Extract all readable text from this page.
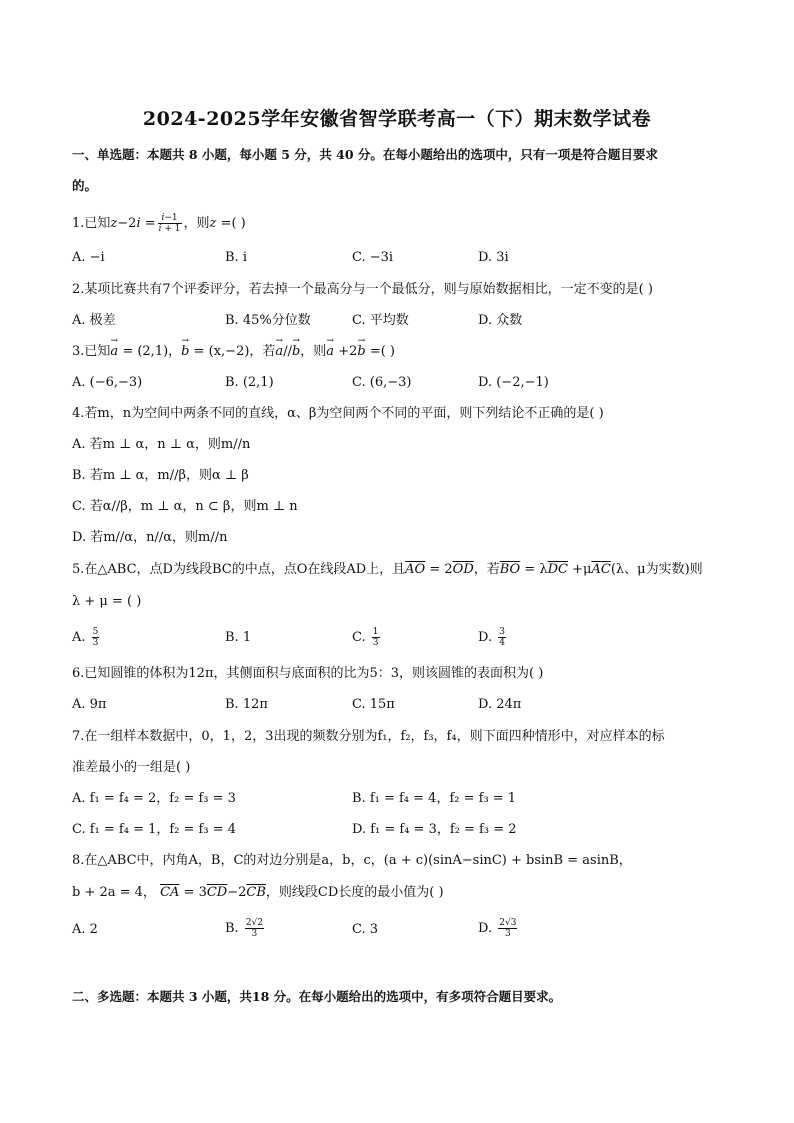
2024-2025学年安徽省智学联考高一（下）期末数学试卷
一、单选题：本题共 8 小题，每小题 5 分，共 40 分。在每小题给出的选项中，只有一项是符合题目要求
的。
1.已知$z-2i = \frac{i-1}{i + 1}$ ，则z =( )
A. −i	B. i	C. −3i	D. 3i
2.某项比赛共有7个评委评分，若去掉一个最高分与一个最低分，则与原始数据相比，一定不变的是( )
A. 极差	B. 45%分位数	C. 平均数	D. 众数
3.已知→ a = (2,1)，→ b = (x,−2)，若→ a//→ b，则→ a +2→ b =( )
A. (−6,−3)	B. (2,1)	C. (6,−3)	D. (−2,−1)
4.若m，n为空间中两条不同的直线，α、β为空间两个不同的平面，则下列结论不正确的是( )
A. 若m ⊥ α，n ⊥ α，则m//n
B. 若m ⊥ α，m//β，则α ⊥ β
C. 若α//β，m ⊥ α，n ⊂ β，则m ⊥ n
D. 若m//α，n//α，则m//n
5.在△ABC，点D为线段BC的中点，点O在线段AD上，且$\overline{AO} = 2\overline{OD}$，若$\overline{BO} = \lambda\overline{DC} +\mu\overline{AC}(\lambda$、μ为实数)则
λ + μ = ( )
A. $\frac{5}{3}$	B. 1	C. $\frac{1}{3}$	D. $\frac{3}{4}$
6.已知圆锥的体积为12π，其侧面积与底面积的比为5：3，则该圆锥的表面积为( )
A. 9π	B. 12π	C. 15π	D. 24π
7.在一组样本数据中，0，1，2，3出现的频数分别为f₁，f₂，f₃，f₄，则下面四种情形中，对应样本的标
准差最小的一组是( )
A. f₁ = f₄ = 2，f₂ = f₃ = 3	B. f₁ = f₄ = 4，f₂ = f₃ = 1
C. f₁ = f₄ = 1，f₂ = f₃ = 4	D. f₁ = f₄ = 3，f₂ = f₃ = 2
8.在△ABC中，内角A，B，C的对边分别是a，b，c，(a + c)(sinA−sinC) + bsinB = asinB，
b + 2a = 4， $\overline{CA} = 3\overline{CD}-2\overline{CB}$，则线段CD长度的最小值为( )
A. 2	B. $\frac{2√2}{3}$	C. 3	D. $\frac{2√3}{3}$
二、多选题：本题共 3 小题，共18 分。在每小题给出的选项中，有多项符合题目要求。
